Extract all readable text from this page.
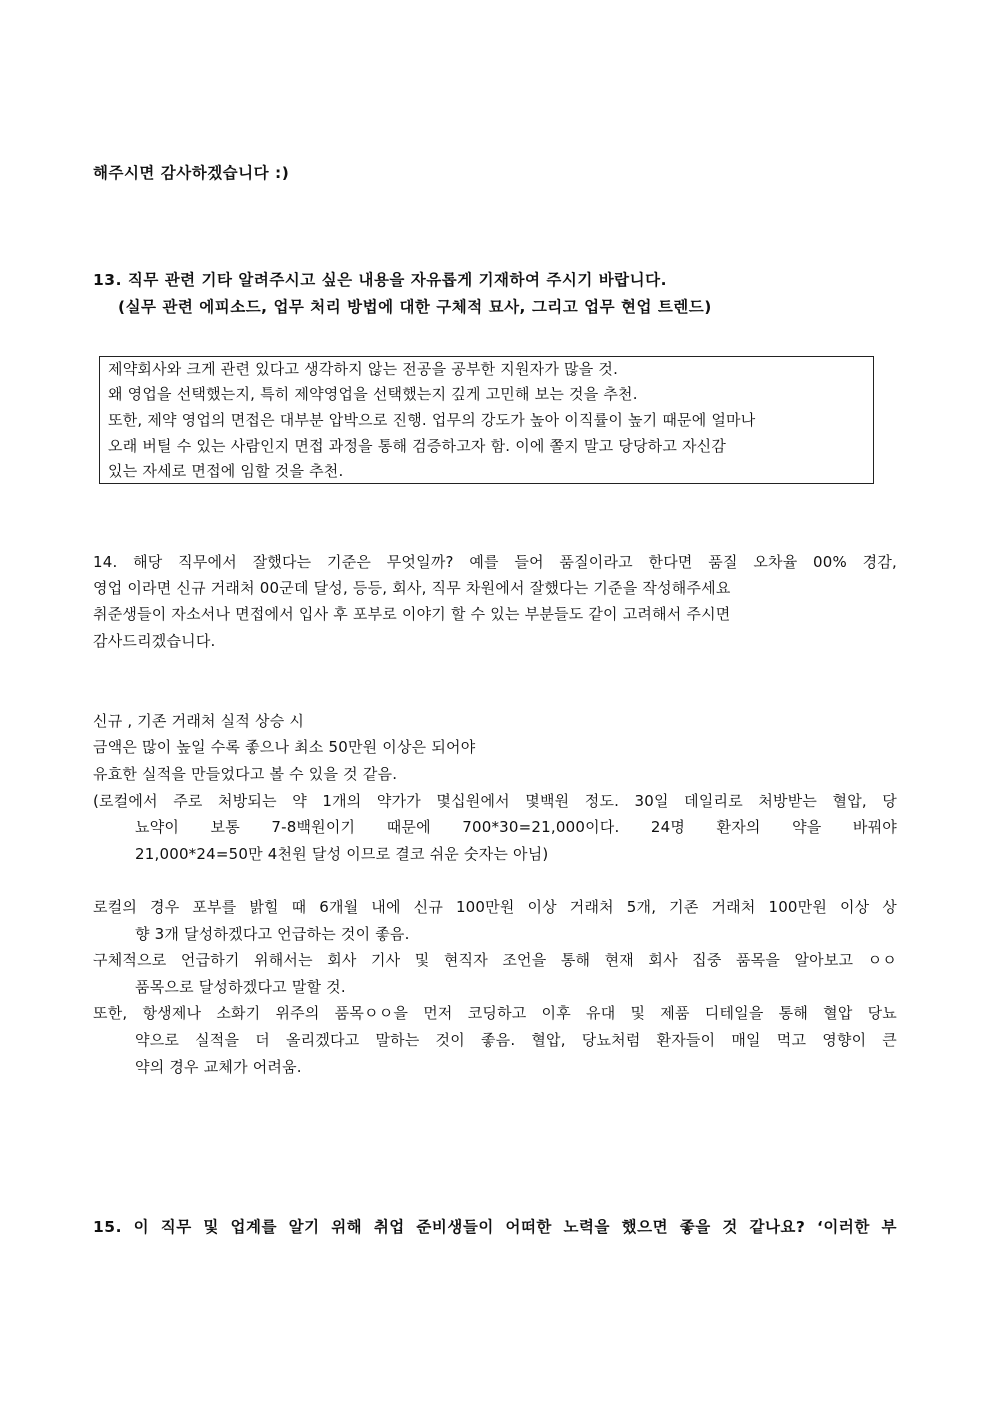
해주시면 감사하겠습니다 :)
13. 직무 관련 기타 알려주시고 싶은 내용을 자유롭게 기재하여 주시기 바랍니다.
(실무 관련 에피소드, 업무 처리 방법에 대한 구체적 묘사, 그리고 업무 현업 트렌드)
제약회사와 크게 관련 있다고 생각하지 않는 전공을 공부한 지원자가 많을 것.
왜 영업을 선택했는지, 특히 제약영업을 선택했는지 깊게 고민해 보는 것을 추천.
또한, 제약 영업의 면접은 대부분 압박으로 진행. 업무의 강도가 높아 이직률이 높기 때문에 얼마나
오래 버틸 수 있는 사람인지 면접 과정을 통해 검증하고자 함. 이에 쫄지 말고 당당하고 자신감
있는 자세로 면접에 임할 것을 추천.
14. 해당 직무에서 잘했다는 기준은 무엇일까? 예를 들어 품질이라고 한다면 품질 오차율 00% 경감,
영업 이라면 신규 거래처 00군데 달성, 등등, 회사, 직무 차원에서 잘했다는 기준을 작성해주세요
취준생들이 자소서나 면접에서 입사 후 포부로 이야기 할 수 있는 부분들도 같이 고려해서 주시면
감사드리겠습니다.
신규 , 기존 거래처 실적 상승 시
금액은 많이 높일 수록 좋으나 최소 50만원 이상은 되어야
유효한 실적을 만들었다고 볼 수 있을 것 같음.
(로컬에서 주로 처방되는 약 1개의 약가가 몇십원에서 몇백원 정도. 30일 데일리로 처방받는 혈압, 당
뇨약이 보통 7-8백원이기 때문에 700*30=21,000이다. 24명 환자의 약을 바꿔야
21,000*24=50만 4천원 달성 이므로 결코 쉬운 숫자는 아님)
로컬의 경우 포부를 밝힐 때 6개월 내에 신규 100만원 이상 거래처 5개, 기존 거래처 100만원 이상 상
향 3개 달성하겠다고 언급하는 것이 좋음.
구체적으로 언급하기 위해서는 회사 기사 및 현직자 조언을 통해 현재 회사 집중 품목을 알아보고 ㅇㅇ
품목으로 달성하겠다고 말할 것.
또한, 항생제나 소화기 위주의 품목ㅇㅇ을 먼저 코딩하고 이후 유대 및 제품 디테일을 통해 혈압 당뇨
약으로 실적을 더 올리겠다고 말하는 것이 좋음. 혈압, 당뇨처럼 환자들이 매일 먹고 영향이 큰
약의 경우 교체가 어려움.
15. 이 직무 및 업계를 알기 위해 취업 준비생들이 어떠한 노력을 했으면 좋을 것 같나요? ‘이러한 부
